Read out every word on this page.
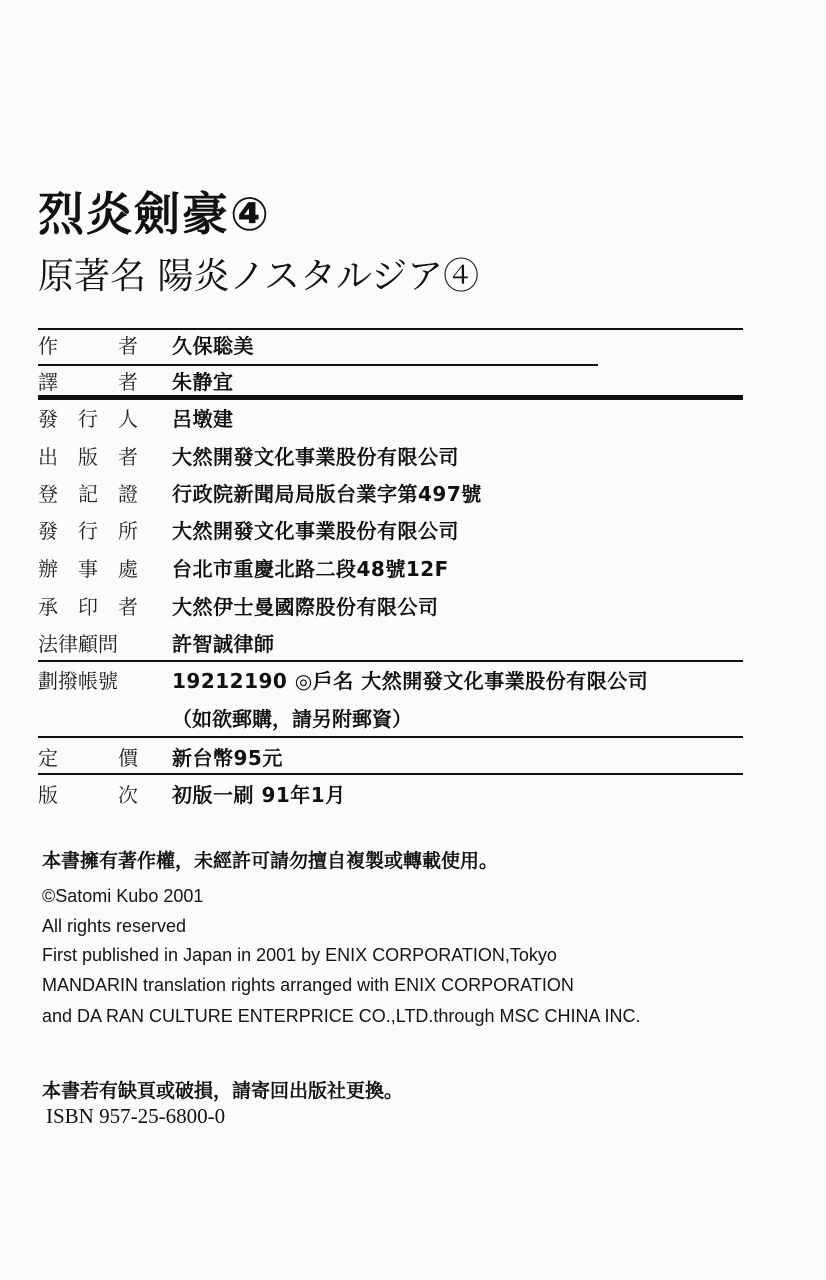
烈炎劍豪④
原著名 陽炎ノスタルジア④
作	者 久保聡美
譯	者 朱静宜
發 行 人 呂墩建
出 版 者 大然開發文化事業股份有限公司
登 記 證 行政院新聞局局版台業字第497號
發 行 所 大然開發文化事業股份有限公司
辦 事 處 台北市重慶北路二段48號12F
承 印 者 大然伊士曼國際股份有限公司
法律顧問	許智誠律師
劃撥帳號	19212190 ◎戶名 大然開發文化事業股份有限公司
（如欲郵購，請另附郵資）
定	價 新台幣95元
版	次 初版一刷 91年1月
本書擁有著作權，未經許可請勿擅自複製或轉載使用。
©Satomi Kubo 2001
All rights reserved
First published in Japan in 2001 by ENIX CORPORATION,Tokyo
MANDARIN translation rights arranged with ENIX CORPORATION
and DA RAN CULTURE ENTERPRICE CO.,LTD.through MSC CHINA INC.
本書若有缺頁或破損，請寄回出版社更換。
ISBN 957-25-6800-0
